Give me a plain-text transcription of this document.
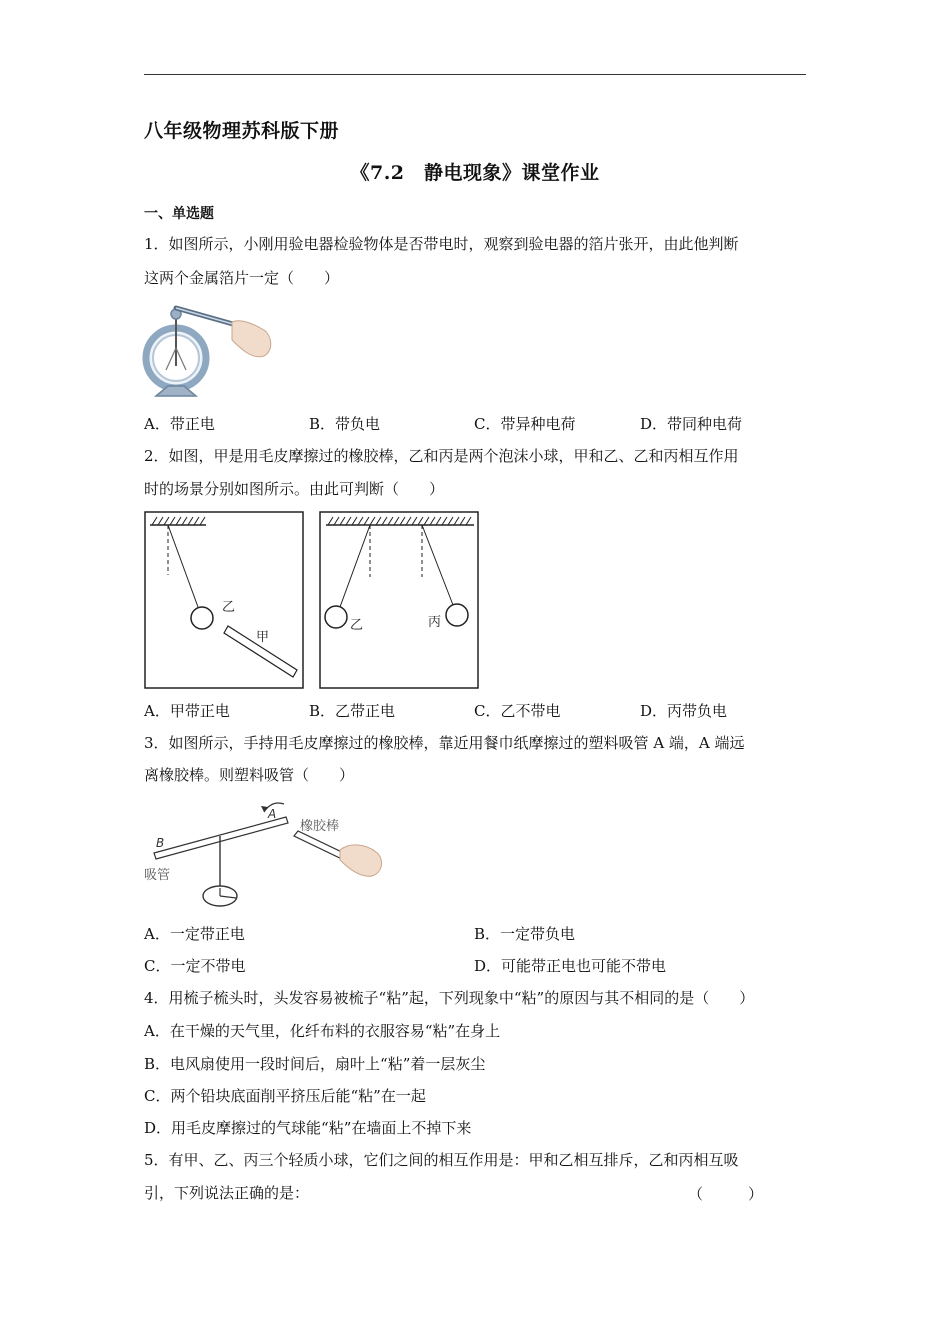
八年级物理苏科版下册
《7.2　静电现象》课堂作业
一、单选题
1．如图所示，小刚用验电器检验物体是否带电时，观察到验电器的箔片张开，由此他判断
这两个金属箔片一定（　　）
A．带正电	B．带负电	C．带异种电荷	D．带同种电荷
2．如图，甲是用毛皮摩擦过的橡胶棒，乙和丙是两个泡沫小球，甲和乙、乙和丙相互作用
时的场景分别如图所示。由此可判断（　　）
乙
甲
乙	丙
A．甲带正电	B．乙带正电	C．乙不带电	D．丙带负电
3．如图所示，手持用毛皮摩擦过的橡胶棒，靠近用餐巾纸摩擦过的塑料吸管 A 端，A 端远
离橡胶棒。则塑料吸管（　　）
A
B
吸管
橡胶棒
A．一定带正电	B．一定带负电
C．一定不带电	D．可能带正电也可能不带电
4．用梳子梳头时，头发容易被梳子“粘”起，下列现象中“粘”的原因与其不相同的是（　　）
A．在干燥的天气里，化纤布料的衣服容易“粘”在身上
B．电风扇使用一段时间后，扇叶上“粘”着一层灰尘
C．两个铅块底面削平挤压后能“粘”在一起
D．用毛皮摩擦过的气球能“粘”在墙面上不掉下来
5．有甲、乙、丙三个轻质小球，它们之间的相互作用是：甲和乙相互排斥，乙和丙相互吸
引，下列说法正确的是：	（　　　）
